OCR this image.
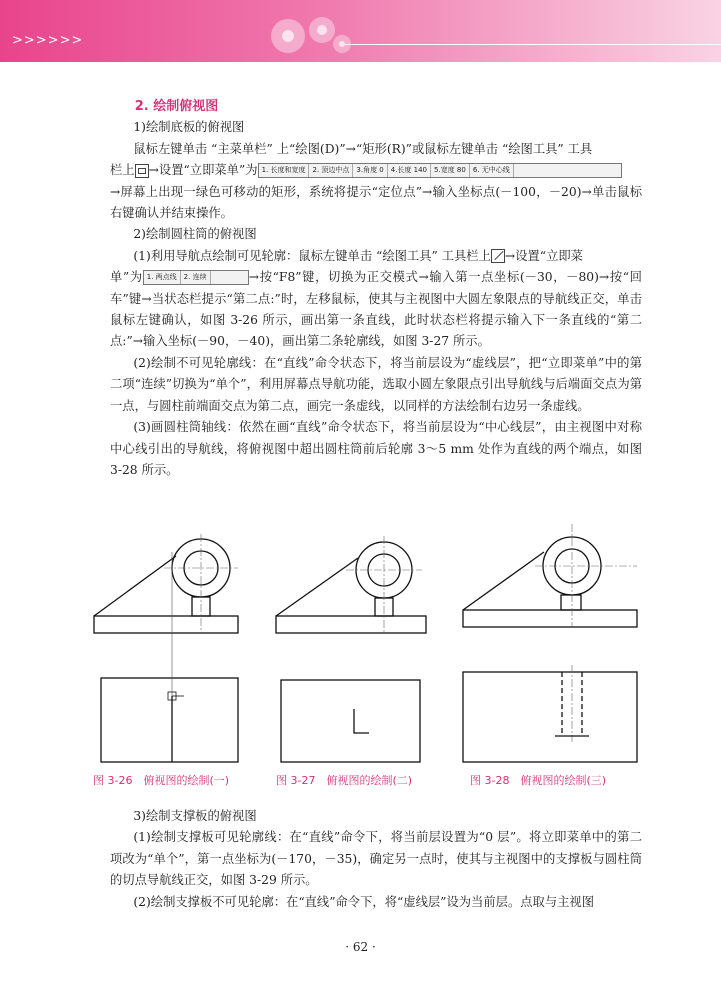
>>>>>>

2. 绘制俯视图

1)绘制底板的俯视图

鼠标左键单击 “主菜单栏” 上“绘图(D)”→“矩形(R)”或鼠标左键单击 “绘图工具” 工具

栏上 →设置“立即菜单”为 1. 长度和宽度 2. 顶边中点 3.角度 0 4.长度 140 5.宽度 80 6. 无中心线

→屏幕上出现一绿色可移动的矩形，系统将提示“定位点”→输入坐标点(－100，－20)→单击鼠标右键确认并结束操作。

2)绘制圆柱筒的俯视图

(1)利用导航点绘制可见轮廓：鼠标左键单击 “绘图工具” 工具栏上 →设置“立即菜

单”为 1. 两点线 2. 连续	→按“F8”键，切换为正交模式→输入第一点坐标(－30，－80)→按“回车”键→当状态栏提示“第二点:”时，左移鼠标，使其与主视图中大圆左象限点的导航线正交，单击鼠标左键确认，如图 3-26 所示，画出第一条直线，此时状态栏将提示输入下一条直线的“第二点:”→输入坐标(－90，－40)，画出第二条轮廓线，如图 3-27 所示。

(2)绘制不可见轮廓线：在“直线”命令状态下，将当前层设为“虚线层”，把“立即菜单”中的第二项“连续”切换为“单个”，利用屏幕点导航功能，选取小圆左象限点引出导航线与后端面交点为第一点，与圆柱前端面交点为第二点，画完一条虚线，以同样的方法绘制右边另一条虚线。

(3)画圆柱筒轴线：依然在画“直线”命令状态下，将当前层设为“中心线层”，由主视图中对称中心线引出的导航线，将俯视图中超出圆柱筒前后轮廓 3～5 mm 处作为直线的两个端点，如图 3-28 所示。

图 3-26　俯视图的绘制(一)	图 3-27　俯视图的绘制(二)	图 3-28　俯视图的绘制(三)

3)绘制支撑板的俯视图

(1)绘制支撑板可见轮廓线：在“直线”命令下，将当前层设置为“0 层”。将立即菜单中的第二项改为“单个”，第一点坐标为(－170，－35)，确定另一点时，使其与主视图中的支撑板与圆柱筒的切点导航线正交，如图 3-29 所示。

(2)绘制支撑板不可见轮廓：在“直线”命令下，将“虚线层”设为当前层。点取与主视图

· 62 ·
